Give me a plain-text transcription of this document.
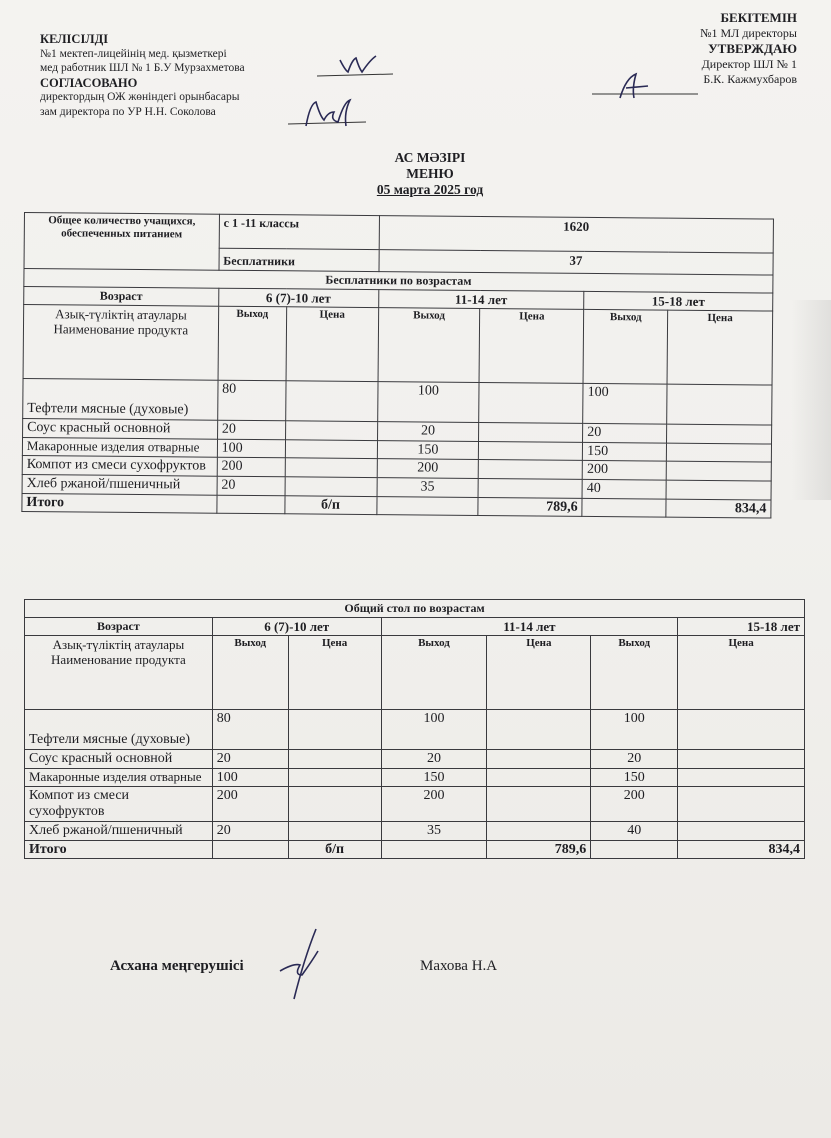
КЕЛІСІЛДІ
№1 мектеп-лицейінің мед. қызметкері
мед работник ШЛ № 1 Б.У Мурзахметова
СОГЛАСОВАНО
директордың ОЖ жөніндегі орынбасары
зам директора по УР Н.Н. Соколова
БЕКІТЕМІН
№1 МЛ директоры
УТВЕРЖДАЮ
Директор ШЛ № 1
Б.К. Кажмухбаров
АС МӘЗІРІ
МЕНЮ
05 марта 2025 год
Общее количество учащихся, обеспеченных питанием	с 1 -11 классы		1620			
	Бесплатники		37			
Бесплатники по возрастам						
Возраст	6 (7)-10 лет		11-14 лет		15-18 лет	
Азық-түліктің атаулары Наименование продукта	Выход	Цена	Выход	Цена	Выход	Цена
Тефтели мясные (духовые)	80		100		100	
Соус красный основной	20		20		20	
Макаронные изделия отварные	100		150		150	
Компот из смеси сухофруктов	200		200		200	
Хлеб ржаной/пшеничный	20		35		40	
Итого		б/п		789,6		834,4
Общий стол по возрастам						
Возраст	6 (7)-10 лет		11-14 лет			15-18 лет
Азық-түліктің атаулары Наименование продукта	Выход	Цена	Выход	Цена	Выход	Цена
Тефтели мясные (духовые)	80		100		100	
Соус красный основной	20		20		20	
Макаронные изделия отварные	100		150		150	
Компот из смеси сухофруктов	200		200		200	
Хлеб ржаной/пшеничный	20		35		40	
Итого		б/п		789,6		834,4
Асхана меңгерушісі	Махова Н.А
